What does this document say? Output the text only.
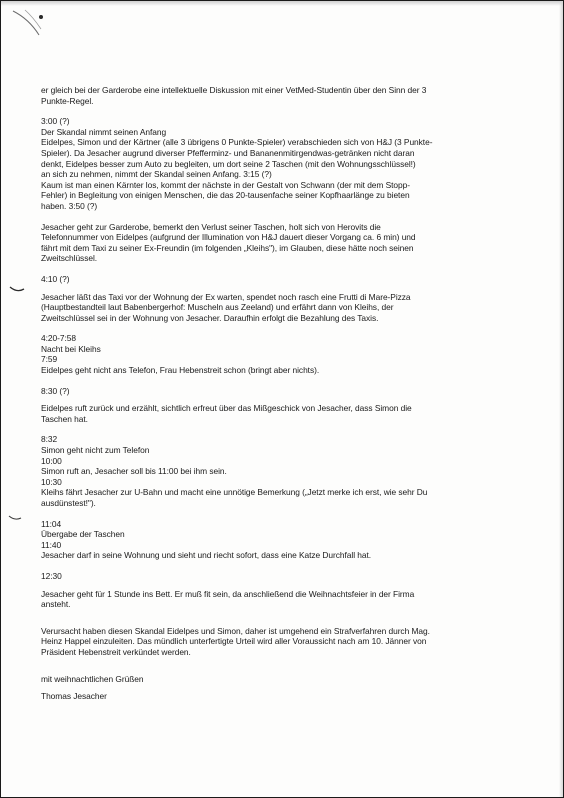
er gleich bei der Garderobe eine intellektuelle Diskussion mit einer VetMed-Studentin über den Sinn der 3
Punkte-Regel.
3:00 (?)
Der Skandal nimmt seinen Anfang
Eidelpes, Simon und der Kärtner (alle 3 übrigens 0 Punkte-Spieler) verabschieden sich von H&J (3 Punkte-
Spieler). Da Jesacher augrund diverser Pfefferminz- und Bananenmitirgendwas-getränken nicht daran
denkt, Eidelpes besser zum Auto zu begleiten, um dort seine 2 Taschen (mit den Wohnungsschlüssel!)
an sich zu nehmen, nimmt der Skandal seinen Anfang. 3:15 (?)
Kaum ist man einen Kärnter los, kommt der nächste in der Gestalt von Schwann (der mit dem Stopp-
Fehler) in Begleitung von einigen Menschen, die das 20-tausenfache seiner Kopfhaarlänge zu bieten
haben. 3:50 (?)
Jesacher geht zur Garderobe, bemerkt den Verlust seiner Taschen, holt sich von Herovits die
Telefonnummer von Eidelpes (aufgrund der Illumination von H&J dauert dieser Vorgang ca. 6 min) und
fährt mit dem Taxi zu seiner Ex-Freundin (im folgenden „Kleihs"), im Glauben, diese hätte noch seinen
Zweitschlüssel.
4:10 (?)
Jesacher läßt das Taxi vor der Wohnung der Ex warten, spendet noch rasch eine Frutti di Mare-Pizza
(Hauptbestandteil laut Babenbergerhof: Muscheln aus Zeeland) und erfährt dann von Kleihs, der
Zweitschlüssel sei in der Wohnung von Jesacher. Daraufhin erfolgt die Bezahlung des Taxis.
4:20-7:58
Nacht bei Kleihs
7:59
Eidelpes geht nicht ans Telefon, Frau Hebenstreit schon (bringt aber nichts).
8:30 (?)
Eidelpes ruft zurück und erzählt, sichtlich erfreut über das Mißgeschick von Jesacher, dass Simon die
Taschen hat.
8:32
Simon geht nicht zum Telefon
10:00
Simon ruft an, Jesacher soll bis 11:00 bei ihm sein.
10:30
Kleihs fährt Jesacher zur U-Bahn und macht eine unnötige Bemerkung („Jetzt merke ich erst, wie sehr Du
ausdünstest!").
11:04
Übergabe der Taschen
11:40
Jesacher darf in seine Wohnung und sieht und riecht sofort, dass eine Katze Durchfall hat.
12:30
Jesacher geht für 1 Stunde ins Bett. Er muß fit sein, da anschließend die Weihnachtsfeier in der Firma
ansteht.
Verursacht haben diesen Skandal Eidelpes und Simon, daher ist umgehend ein Strafverfahren durch Mag.
Heinz Happel einzuleiten. Das mündlich unterfertigte Urteil wird aller Voraussicht nach am 10. Jänner von
Präsident Hebenstreit verkündet werden.
mit weihnachtlichen Grüßen
Thomas Jesacher
